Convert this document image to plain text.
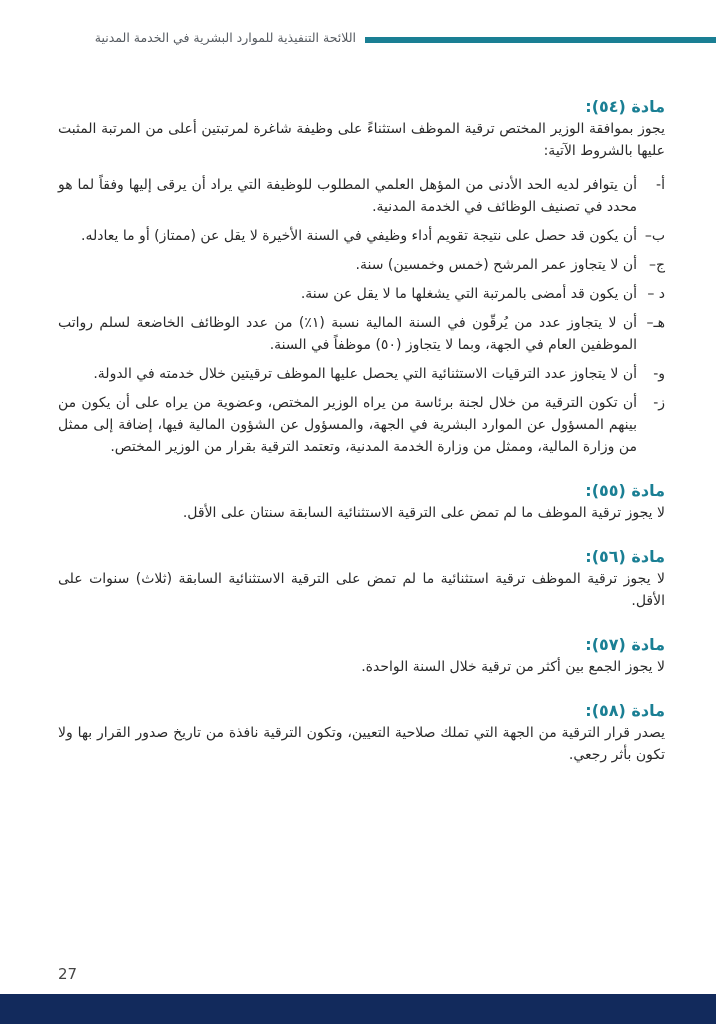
اللائحة التنفيذية للموارد البشرية في الخدمة المدنية
مادة (٥٤):

يجوز بموافقة الوزير المختص ترقية الموظف استثناءً على وظيفة شاغرة لمرتبتين أعلى من المرتبة المثبت عليها بالشروط الآتية:

أ-
أن يتوافر لديه الحد الأدنى من المؤهل العلمي المطلوب للوظيفة التي يراد أن يرقى إليها وفقاً لما هو محدد في تصنيف الوظائف في الخدمة المدنية.
ب–
أن يكون قد حصل على نتيجة تقويم أداء وظيفي في السنة الأخيرة لا يقل عن (ممتاز) أو ما يعادله.
ج–
أن لا يتجاوز عمر المرشح (خمس وخمسين) سنة.
د –
أن يكون قد أمضى بالمرتبة التي يشغلها ما لا يقل عن سنة.
هـ–
أن لا يتجاوز عدد من يُرقّون في السنة المالية نسبة (١٪) من عدد الوظائف الخاضعة لسلم رواتب الموظفين العام في الجهة، وبما لا يتجاوز (٥٠) موظفاً في السنة.
و-
أن لا يتجاوز عدد الترقيات الاستثنائية التي يحصل عليها الموظف ترقيتين خلال خدمته في الدولة.
ز-
أن تكون الترقية من خلال لجنة برئاسة من يراه الوزير المختص، وعضوية من يراه على أن يكون من بينهم المسؤول عن الموارد البشرية في الجهة، والمسؤول عن الشؤون المالية فيها، إضافة إلى ممثل من وزارة المالية، وممثل من وزارة الخدمة المدنية، وتعتمد الترقية بقرار من الوزير المختص.
مادة (٥٥):

لا يجوز ترقية الموظف ما لم تمض على الترقية الاستثنائية السابقة سنتان على الأقل.

مادة (٥٦):

لا يجوز ترقية الموظف ترقية استثنائية ما لم تمض على الترقية الاستثنائية السابقة (ثلاث) سنوات على الأقل.

مادة (٥٧):

لا يجوز الجمع بين أكثر من ترقية خلال السنة الواحدة.

مادة (٥٨):

يصدر قرار الترقية من الجهة التي تملك صلاحية التعيين، وتكون الترقية نافذة من تاريخ صدور القرار بها ولا تكون بأثر رجعي.

27
